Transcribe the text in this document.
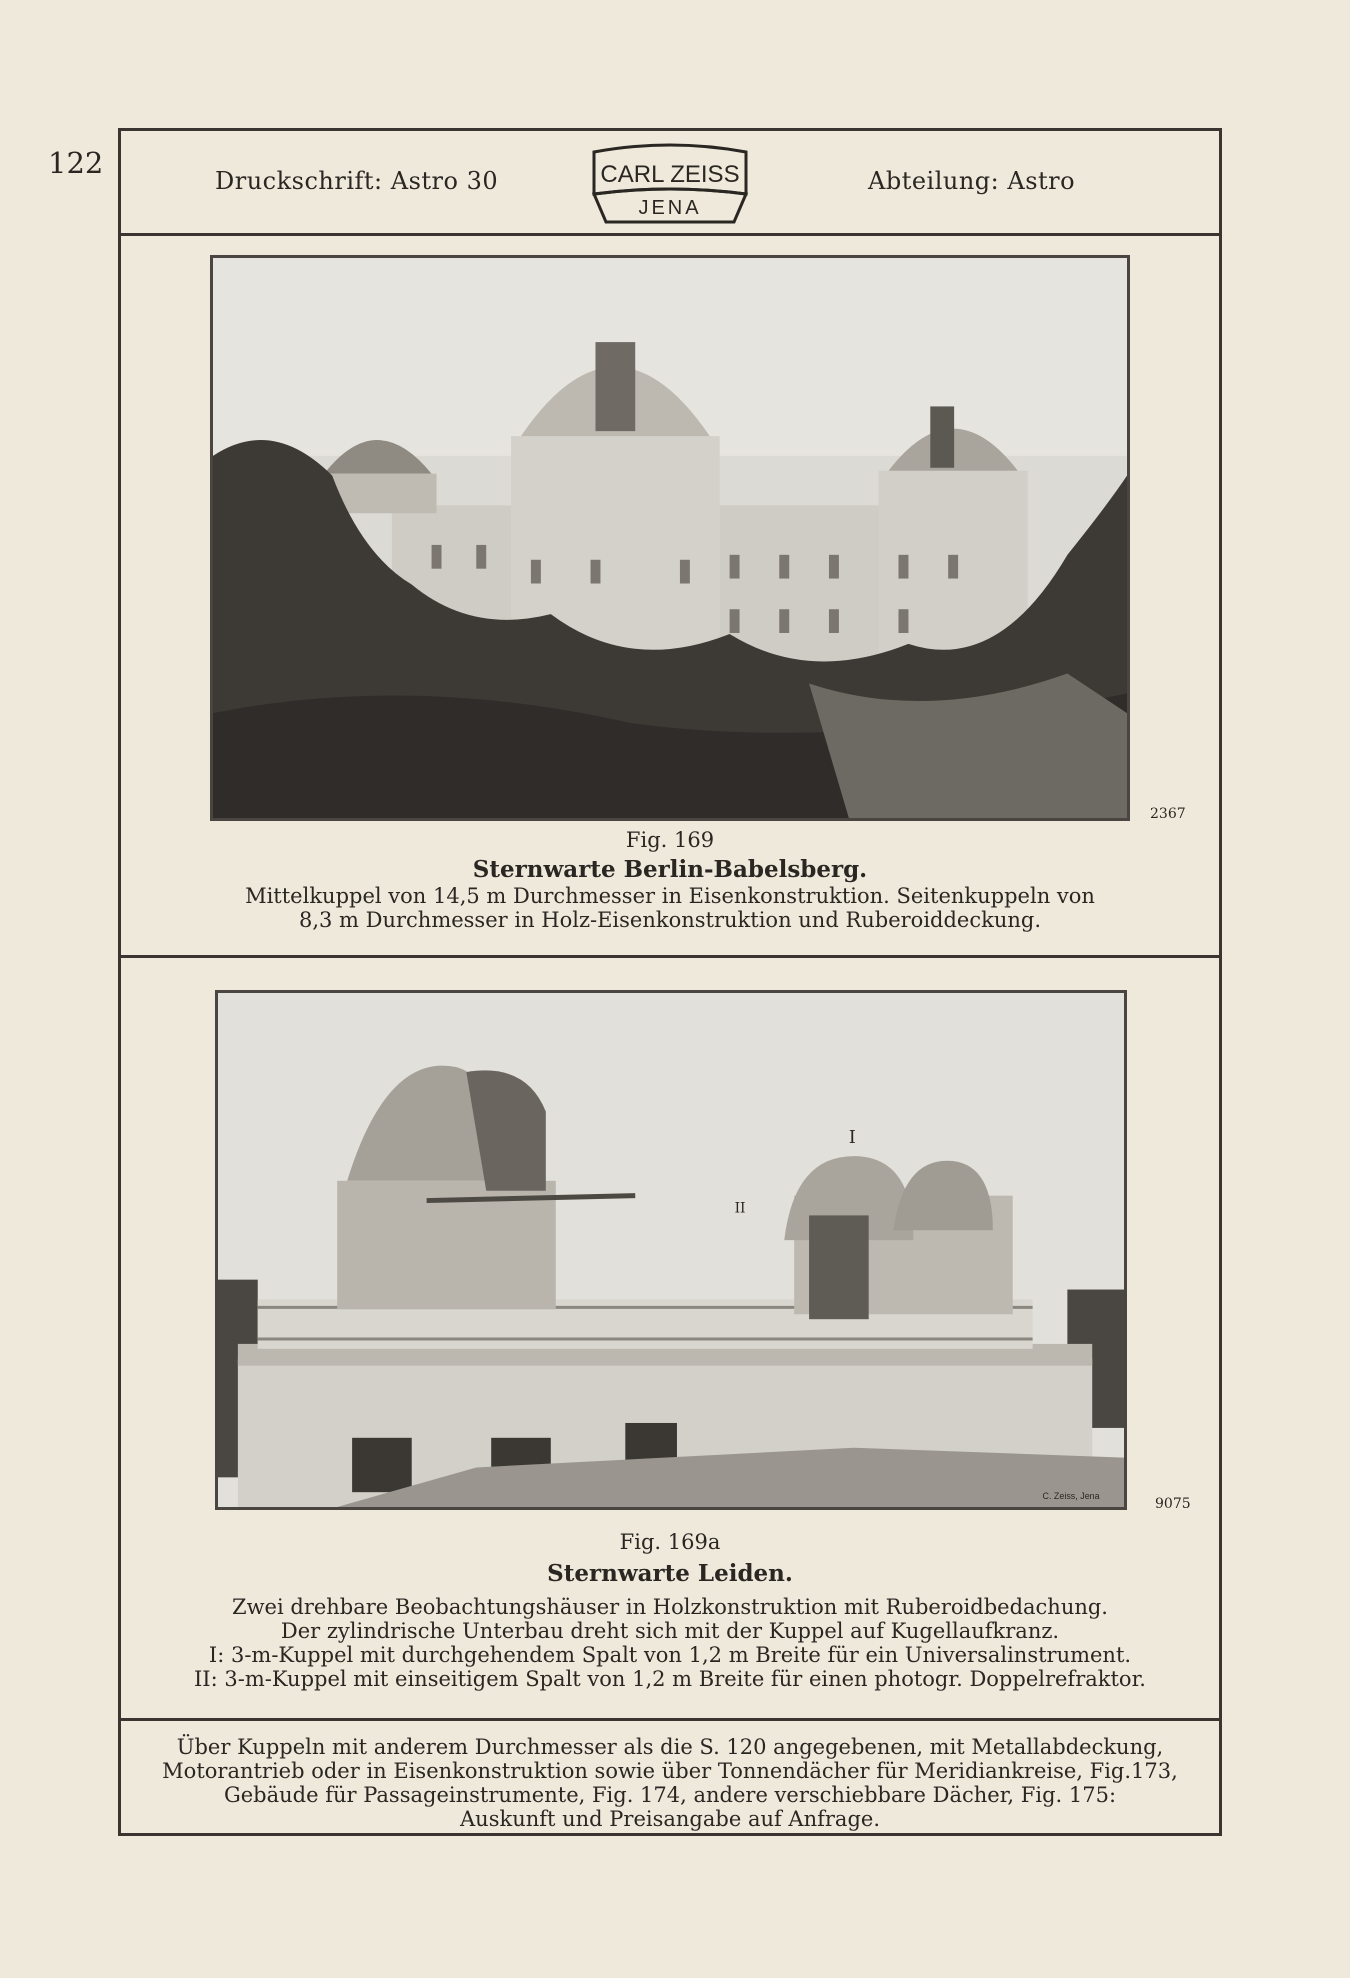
122
Druckschrift: Astro 30	Abteilung: Astro
CARL ZEISS
JENA
2367
Fig. 169
Sternwarte Berlin-Babelsberg.
Mittelkuppel von 14,5 m Durchmesser in Eisenkonstruktion. Seitenkuppeln von
8,3 m Durchmesser in Holz-Eisenkonstruktion und Ruberoiddeckung.
I
II
C. Zeiss, Jena	9075
Fig. 169a
Sternwarte Leiden.
Zwei drehbare Beobachtungshäuser in Holzkonstruktion mit Ruberoidbedachung.
Der zylindrische Unterbau dreht sich mit der Kuppel auf Kugellaufkranz.
I: 3-m-Kuppel mit durchgehendem Spalt von 1,2 m Breite für ein Universalinstrument.
II: 3-m-Kuppel mit einseitigem Spalt von 1,2 m Breite für einen photogr. Doppelrefraktor.
Über Kuppeln mit anderem Durchmesser als die S. 120 angegebenen, mit Metallabdeckung,
Motorantrieb oder in Eisenkonstruktion sowie über Tonnendächer für Meridiankreise, Fig.173,
Gebäude für Passageinstrumente, Fig. 174, andere verschiebbare Dächer, Fig. 175:
Auskunft und Preisangabe auf Anfrage.
